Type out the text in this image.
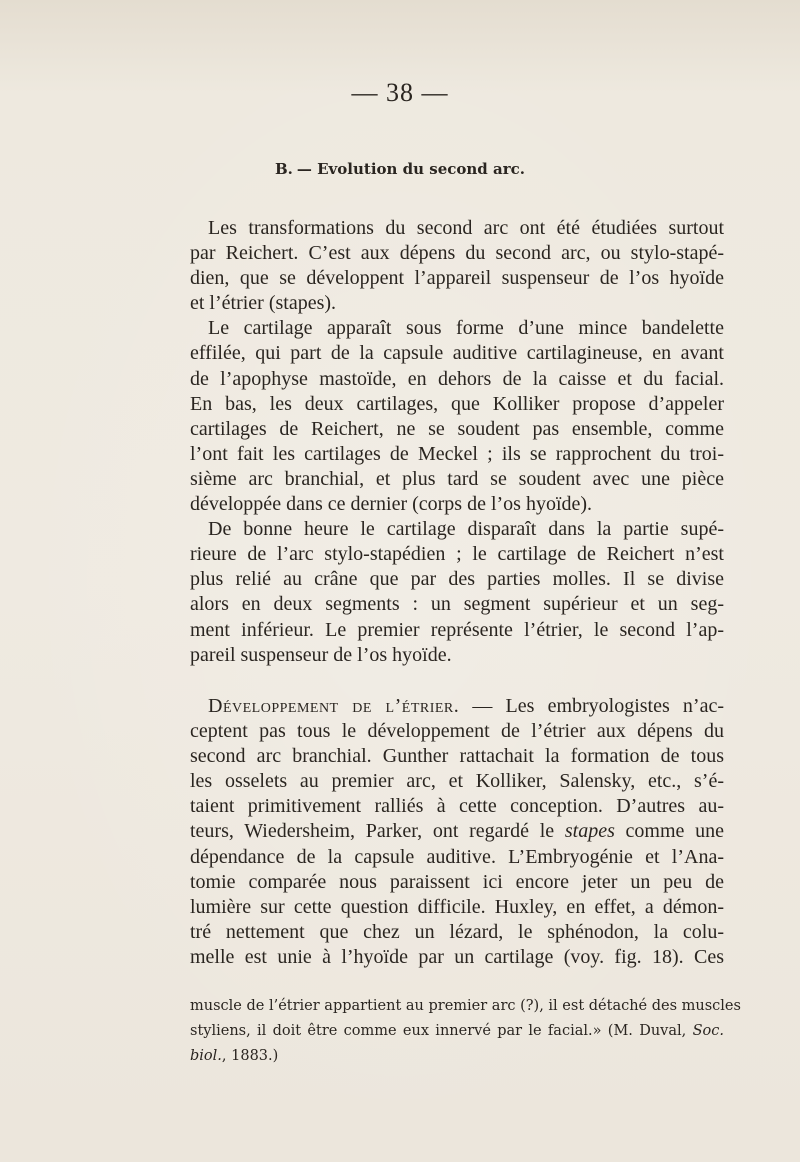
— 38 —
B. — Evolution du second arc.
Les transformations du second arc ont été étudiées surtout
par Reichert. C’est aux dépens du second arc, ou stylo-stapé-
dien, que se développent l’appareil suspenseur de l’os hyoïde
et l’étrier (stapes).
Le cartilage apparaît sous forme d’une mince bandelette
effilée, qui part de la capsule auditive cartilagineuse, en avant
de l’apophyse mastoïde, en dehors de la caisse et du facial.
En bas, les deux cartilages, que Kolliker propose d’appeler
cartilages de Reichert, ne se soudent pas ensemble, comme
l’ont fait les cartilages de Meckel ; ils se rapprochent du troi-
sième arc branchial, et plus tard se soudent avec une pièce
développée dans ce dernier (corps de l’os hyoïde).
De bonne heure le cartilage disparaît dans la partie supé-
rieure de l’arc stylo-stapédien ; le cartilage de Reichert n’est
plus relié au crâne que par des parties molles. Il se divise
alors en deux segments : un segment supérieur et un seg-
ment inférieur. Le premier représente l’étrier, le second l’ap-
pareil suspenseur de l’os hyoïde.
Développement de l’étrier. — Les embryologistes n’ac-
ceptent pas tous le développement de l’étrier aux dépens du
second arc branchial. Gunther rattachait la formation de tous
les osselets au premier arc, et Kolliker, Salensky, etc., s’é-
taient primitivement ralliés à cette conception. D’autres au-
teurs, Wiedersheim, Parker, ont regardé le stapes comme une
dépendance de la capsule auditive. L’Embryogénie et l’Ana-
tomie comparée nous paraissent ici encore jeter un peu de
lumière sur cette question difficile. Huxley, en effet, a démon-
tré nettement que chez un lézard, le sphénodon, la colu-
melle est unie à l’hyoïde par un cartilage (voy. fig. 18). Ces
muscle de l’étrier appartient au premier arc (?), il est détaché des muscles
styliens, il doit être comme eux innervé par le facial.» (M. Duval, Soc.
biol., 1883.)
